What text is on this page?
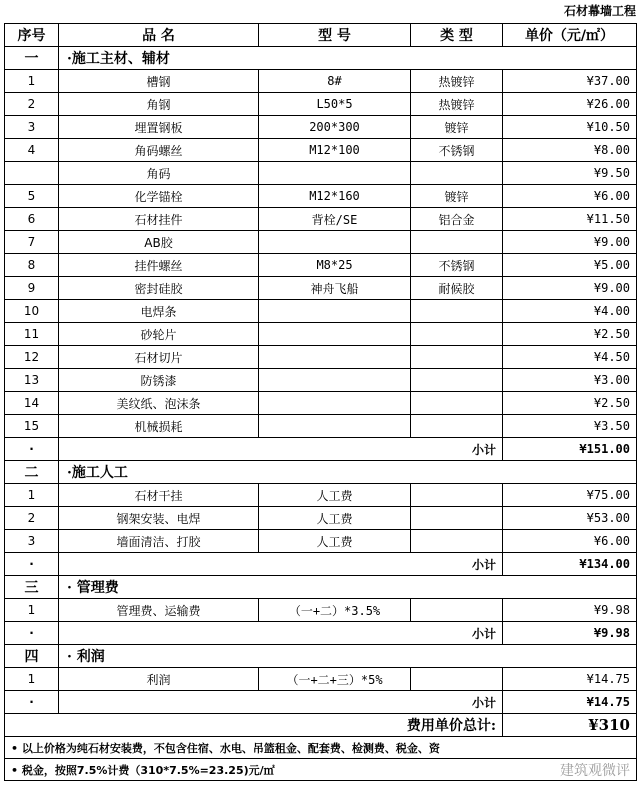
石材幕墙工程
序号	品 名	型 号	类 型	单价（元/㎡）
一	·施工主材、辅材			
1	槽钢	8#	热镀锌	¥37.00
2	角钢	L50*5	热镀锌	¥26.00
3	埋置钢板	200*300	镀锌	¥10.50
4	角码螺丝	M12*100	不锈钢	¥8.00
	角码			¥9.50
5	化学锚栓	M12*160	镀锌	¥6.00
6	石材挂件	背栓/SE	铝合金	¥11.50
7	AB胶			¥9.00
8	挂件螺丝	M8*25	不锈钢	¥5.00
9	密封硅胶	神舟飞船	耐候胶	¥9.00
10	电焊条			¥4.00
11	砂轮片			¥2.50
12	石材切片			¥4.50
13	防锈漆			¥3.00
14	美纹纸、泡沫条			¥2.50
15	机械损耗			¥3.50
·	小计			¥151.00
二	·施工人工			
1	石材干挂	人工费		¥75.00
2	钢架安装、电焊	人工费		¥53.00
3	墙面清洁、打胶	人工费		¥6.00
·	小计			¥134.00
三	· 管理费			
1	管理费、运输费	（一+二）*3.5%		¥9.98
·	小计			¥9.98
四	· 利润			
1	利润	（一+二+三）*5%		¥14.75
·	小计			¥14.75
费用单价总计:				¥310
• 以上价格为纯石材安装费，不包含住宿、水电、吊篮租金、配套费、检测费、税金、资				
• 税金，按照7.5%计费（310*7.5%=23.25)元/㎡					建筑观微评
